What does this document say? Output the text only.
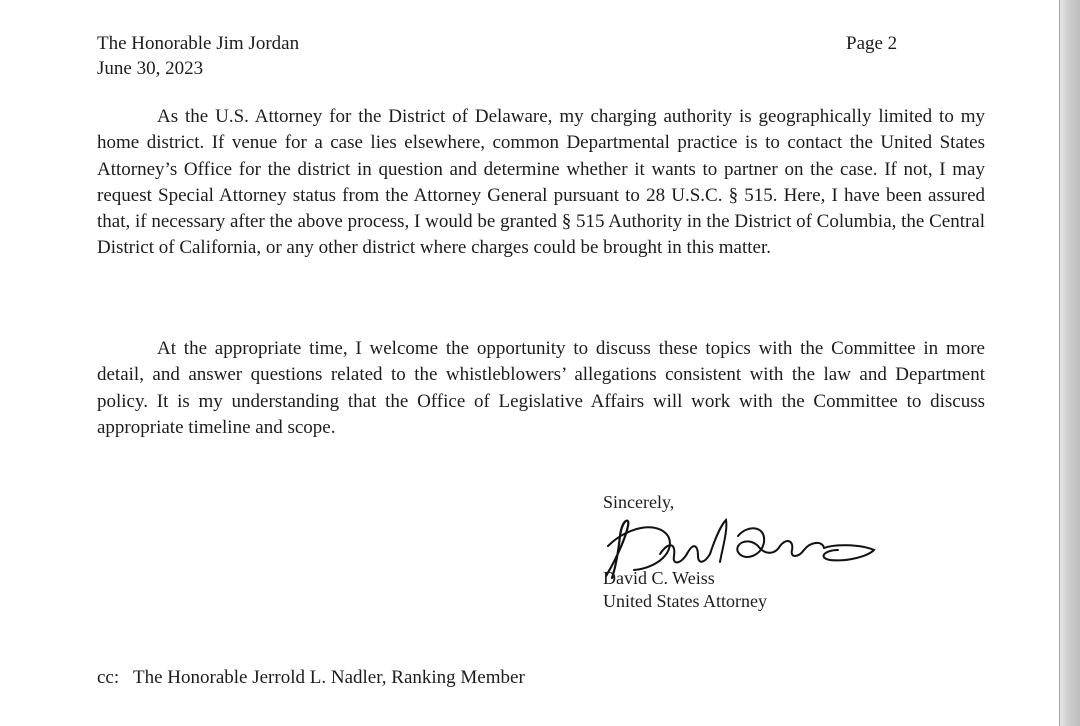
The Honorable Jim Jordan
June 30, 2023
Page 2

As the U.S. Attorney for the District of Delaware, my charging authority is geographically limited to my home district. If venue for a case lies elsewhere, common Departmental practice is to contact the United States Attorney’s Office for the district in question and determine whether it wants to partner on the case. If not, I may request Special Attorney status from the Attorney General pursuant to 28 U.S.C. § 515. Here, I have been assured that, if necessary after the above process, I would be granted § 515 Authority in the District of Columbia, the Central District of California, or any other district where charges could be brought in this matter.

At the appropriate time, I welcome the opportunity to discuss these topics with the Committee in more detail, and answer questions related to the whistleblowers’ allegations consistent with the law and Department policy. It is my understanding that the Office of Legislative Affairs will work with the Committee to discuss appropriate timeline and scope.

Sincerely,
David C. Weiss
United States Attorney
cc: The Honorable Jerrold L. Nadler, Ranking Member
